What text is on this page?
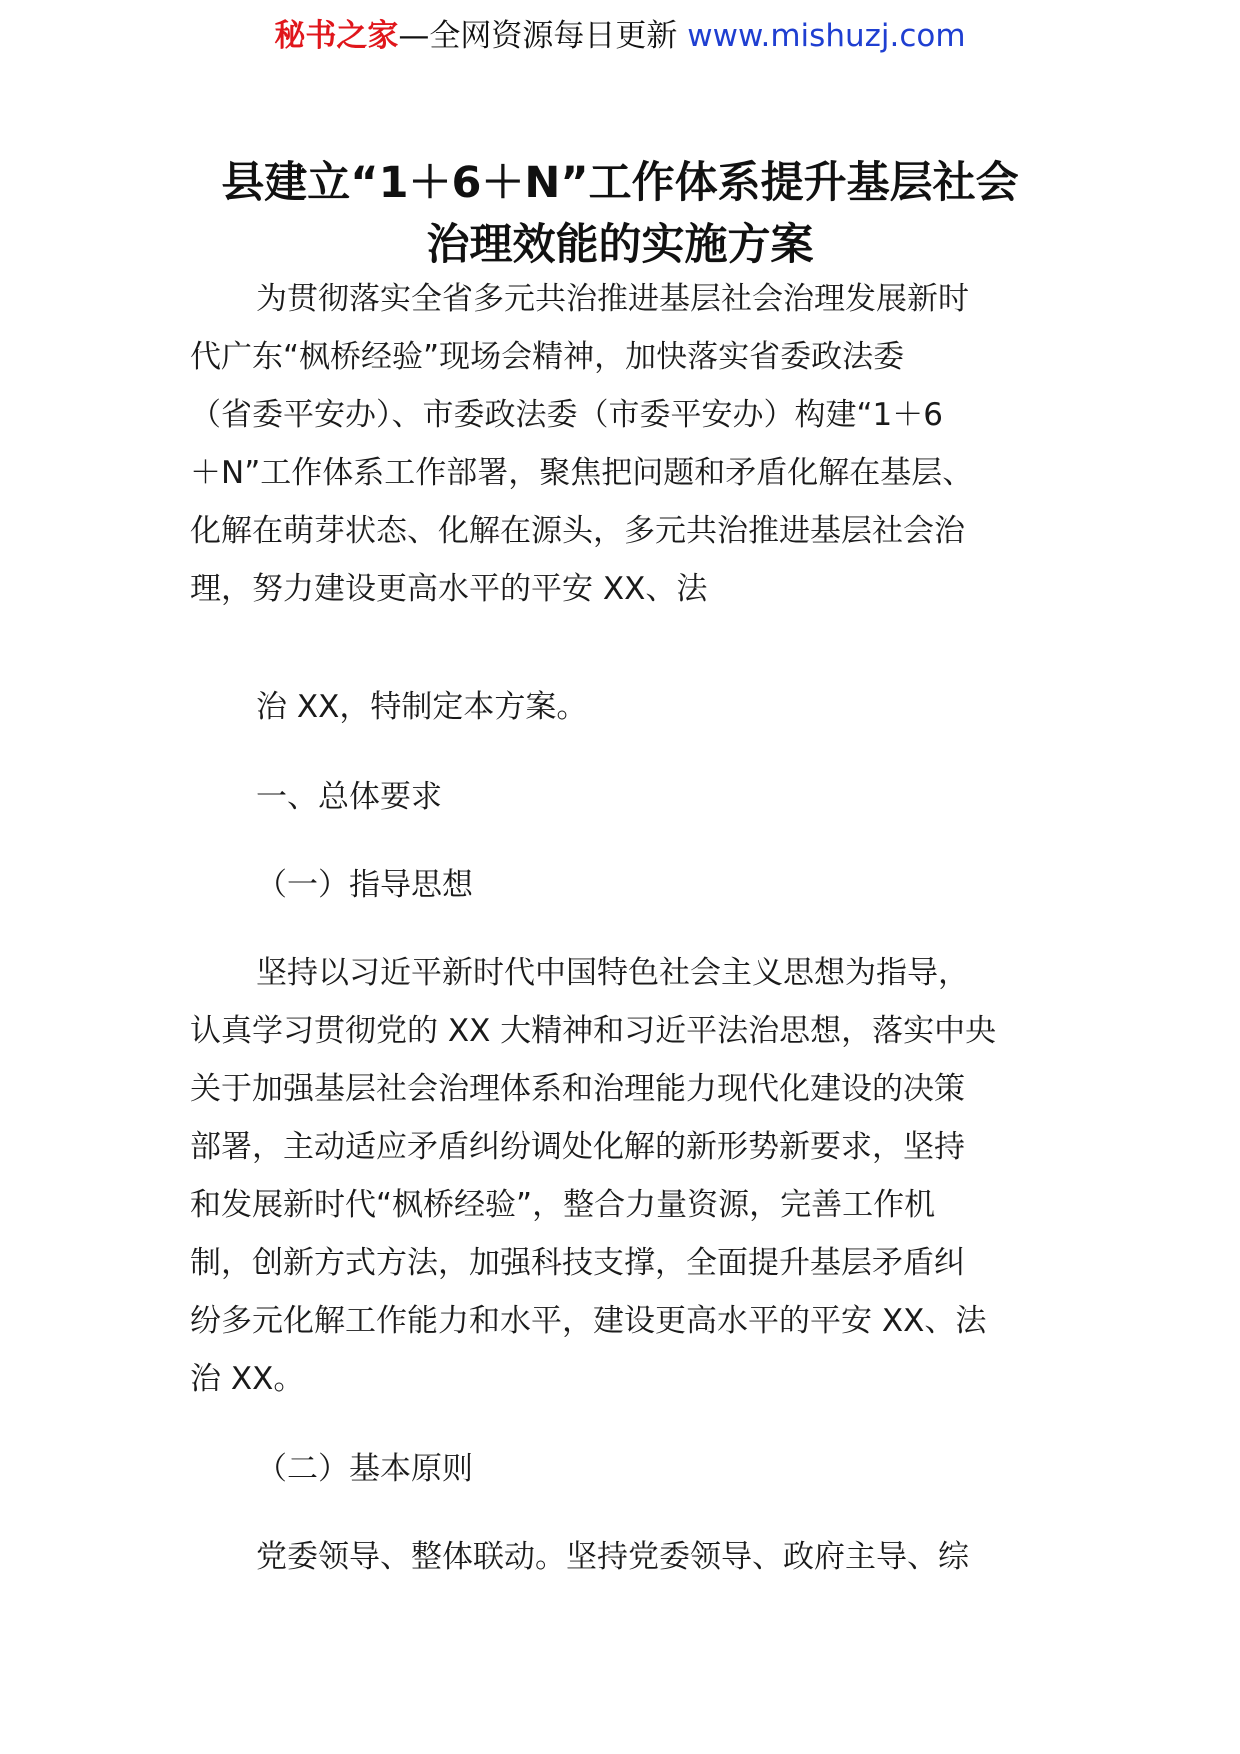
秘书之家—全网资源每日更新 www.mishuzj.com
县建立“1＋6＋N”工作体系提升基层社会
治理效能的实施方案
为贯彻落实全省多元共治推进基层社会治理发展新时
代广东“枫桥经验”现场会精神，加快落实省委政法委
（省委平安办）、市委政法委（市委平安办）构建“1＋6
＋N”工作体系工作部署，聚焦把问题和矛盾化解在基层、
化解在萌芽状态、化解在源头，多元共治推进基层社会治
理，努力建设更高水平的平安 XX、法

治 XX，特制定本方案。

一、总体要求

（一）指导思想

坚持以习近平新时代中国特色社会主义思想为指导，
认真学习贯彻党的 XX 大精神和习近平法治思想，落实中央
关于加强基层社会治理体系和治理能力现代化建设的决策
部署，主动适应矛盾纠纷调处化解的新形势新要求，坚持
和发展新时代“枫桥经验”，整合力量资源，完善工作机
制，创新方式方法，加强科技支撑，全面提升基层矛盾纠
纷多元化解工作能力和水平，建设更高水平的平安 XX、法
治 XX。

（二）基本原则

党委领导、整体联动。坚持党委领导、政府主导、综
